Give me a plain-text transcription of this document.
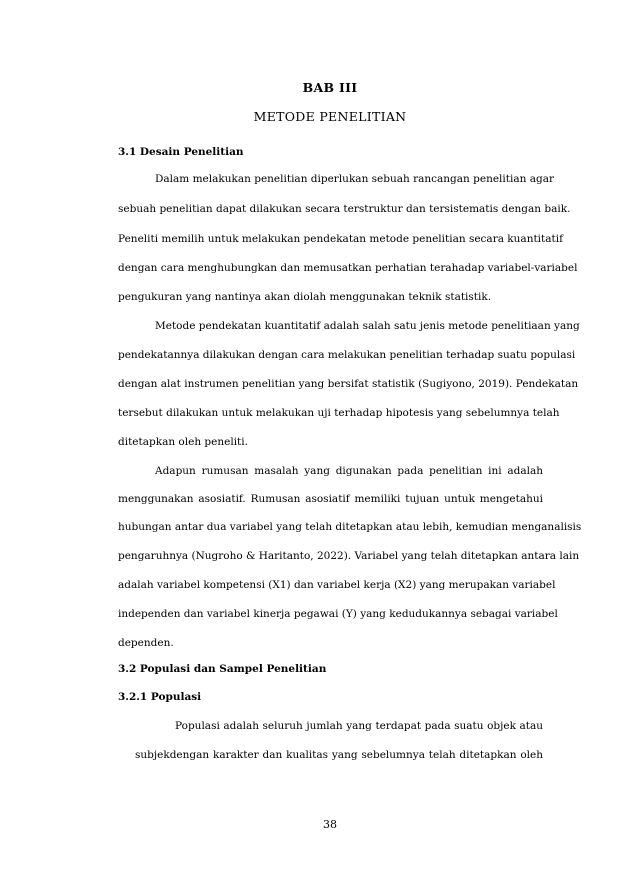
BAB III
METODE PENELITIAN
3.1 Desain Penelitian
Dalam melakukan penelitian diperlukan sebuah rancangan penelitian agar
sebuah penelitian dapat dilakukan secara terstruktur dan tersistematis dengan baik.
Peneliti memilih untuk melakukan pendekatan metode penelitian secara kuantitatif
dengan cara menghubungkan dan memusatkan perhatian terahadap variabel-variabel
pengukuran yang nantinya akan diolah menggunakan teknik statistik.
Metode pendekatan kuantitatif adalah salah satu jenis metode penelitiaan yang
pendekatannya dilakukan dengan cara melakukan penelitian terhadap suatu populasi
dengan alat instrumen penelitian yang bersifat statistik (Sugiyono, 2019). Pendekatan
tersebut dilakukan untuk melakukan uji terhadap hipotesis yang sebelumnya telah
ditetapkan oleh peneliti.
Adapun rumusan masalah yang digunakan pada penelitian ini adalah
menggunakan asosiatif. Rumusan asosiatif memiliki tujuan untuk mengetahui
hubungan antar dua variabel yang telah ditetapkan atau lebih, kemudian menganalisis
pengaruhnya (Nugroho & Haritanto, 2022). Variabel yang telah ditetapkan antara lain
adalah variabel kompetensi (X1) dan variabel kerja (X2) yang merupakan variabel
independen dan variabel kinerja pegawai (Y) yang kedudukannya sebagai variabel
dependen.
3.2 Populasi dan Sampel Penelitian
3.2.1 Populasi
Populasi adalah seluruh jumlah yang terdapat pada suatu objek atau
subjekdengan karakter dan kualitas yang sebelumnya telah ditetapkan oleh
38
